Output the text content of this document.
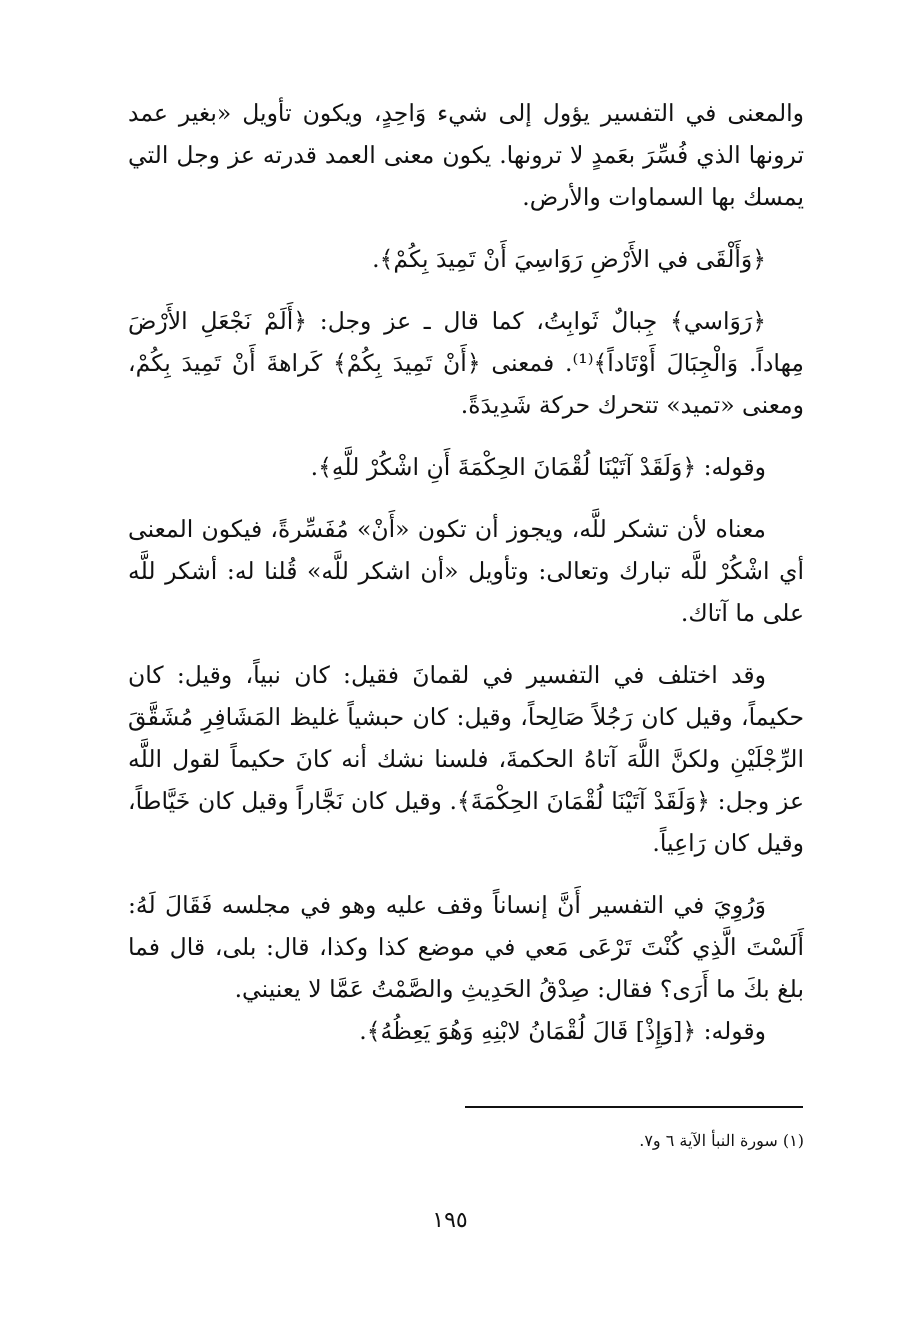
والمعنى في التفسير يؤول إلى شيء وَاحِدٍ، ويكون تأويل «بغير عمد ترونها الذي فُسِّرَ بعَمدٍ لا ترونها. يكون معنى العمد قدرته عز وجل التي يمسك بها السماوات والأرض.

﴿وَأَلْقَى في الأَرْضِ رَوَاسِيَ أَنْ تَمِيدَ بِكُمْ﴾.

﴿رَوَاسي﴾ جِبالٌ ثَوابِتُ، كما قال ـ عز وجل: ﴿أَلَمْ نَجْعَلِ الأَرْضَ مِهاداً. وَالْجِبَالَ أَوْتَاداً﴾⁽¹⁾. فمعنى ﴿أَنْ تَمِيدَ بِكُمْ﴾ كَراهةَ أَنْ تَمِيدَ بِكُمْ، ومعنى «تميد» تتحرك حركة شَدِيدَةً.

وقوله: ﴿وَلَقَدْ آتَيْنَا لُقْمَانَ الحِكْمَةَ أَنِ اشْكُرْ للَّهِ﴾.

معناه لأن تشكر للَّه، ويجوز أن تكون «أَنْ» مُفَسِّرةً، فيكون المعنى أي اشْكُرْ للَّه تبارك وتعالى: وتأويل «أن اشكر للَّه» قُلنا له: أشكر للَّه على ما آتاك.

وقد اختلف في التفسير في لقمانَ فقيل: كان نبياً، وقيل: كان حكيماً، وقيل كان رَجُلاً صَالِحاً، وقيل: كان حبشياً غليظ المَشَافِرِ مُشَقَّقَ الرِّجْلَيْنِ ولكنَّ اللَّهَ آتاهُ الحكمةَ، فلسنا نشك أنه كانَ حكيماً لقول اللَّه عز وجل: ﴿وَلَقَدْ آتَيْنَا لُقْمَانَ الحِكْمَةَ﴾. وقيل كان نَجَّاراً وقيل كان خَيَّاطاً، وقيل كان رَاعِياً.

وَرُوِيَ في التفسير أَنَّ إنساناً وقف عليه وهو في مجلسه فَقَالَ لَهُ: أَلَسْتَ الَّذِي كُنْتَ تَرْعَى مَعي في موضع كذا وكذا، قال: بلى، قال فما بلغ بكَ ما أَرَى؟ فقال: صِدْقُ الحَدِيثِ والصَّمْتُ عَمَّا لا يعنيني.

وقوله: ﴿[وَإِذْ] قَالَ لُقْمَانُ لابْنِهِ وَهُوَ يَعِظُهُ﴾.

(١) سورة النبأ الآية ٦ و٧.
١٩٥
